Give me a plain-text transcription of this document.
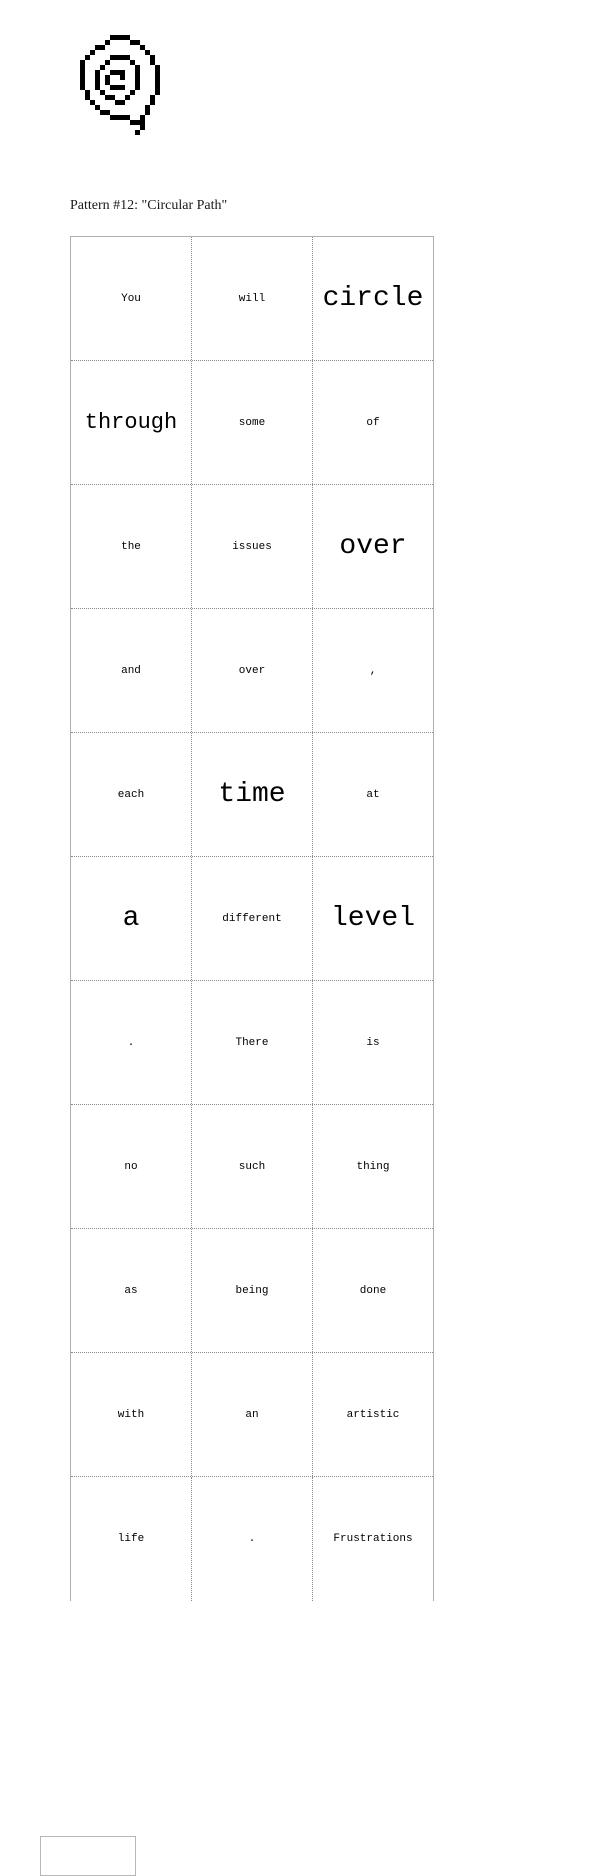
Pattern #12: "Circular Path"
You	will	circle
through	some	of
the	issues	over
and	over	,
each	time	at
a	different	level
.	There	is
no	such	thing
as	being	done
with	an	artistic
life	.	Frustrations
